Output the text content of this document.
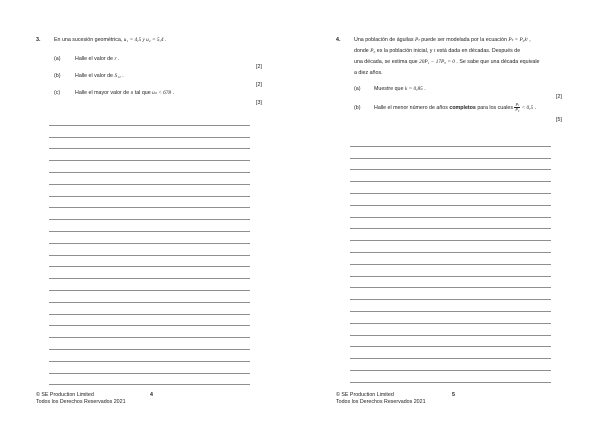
3.	En una sucesión geométrica, u₁ = 4,5 y u₂ = 5,4 .
(a)	Halle el valor de r .
[2]
(b)	Halle el valor de S₁₂ .
[2]
(c)	Halle el mayor valor de n tal que uₙ < 678 .
[3]
© SE Production Limited
Todos los Derechos Reservados 2021
4
4.	Una población de águilas Pₜ puede ser modelada por la ecuación Pₜ = P₀kᵗ ,
donde P₀ es la población inicial, y t está dada en décadas. Después de
una década, se estima que 20P₁ − 17P₀ = 0 . Se sabe que una década equivale
a diez años.
(a)	Muestre que k = 0,85 .
[2]
(b)	Halle el menor número de años completos para los cuales $\frac{\text{Pₜ}}{\text{P₀}} < 0,5$ .
[5]
© SE Production Limited
Todos los Derechos Reservados 2021
5
